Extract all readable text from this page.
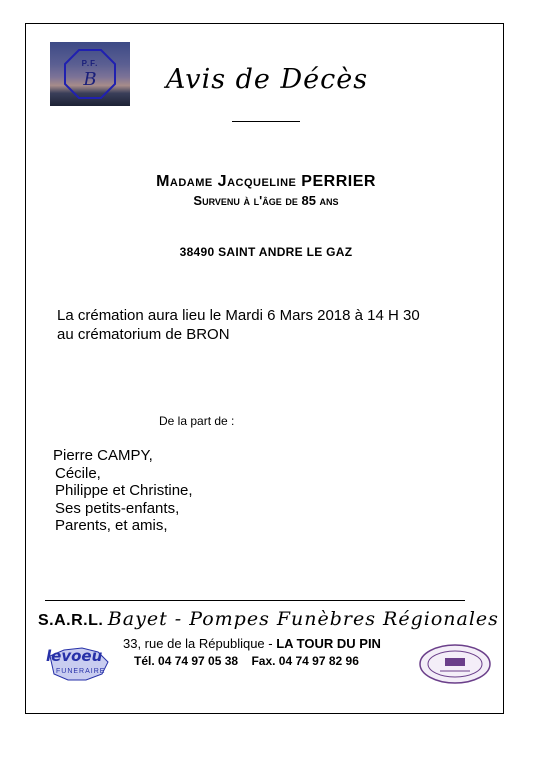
P.F.
B	Avis de Décès
Madame Jacqueline PERRIER
Survenu à l'âge de 85 ans
38490 SAINT ANDRE LE GAZ
La crémation aura lieu le Mardi 6 Mars 2018 à 14 H 30
au crématorium de BRON
De la part de :
Pierre CAMPY,
Cécile,
Philippe et Christine,
Ses petits-enfants,
Parents, et amis,
S.A.R.L. Bayet - Pompes Funèbres Régionales
33, rue de la République - LA TOUR DU PIN
Tél. 04 74 97 05 38 Fax. 04 74 97 82 96
levoeu
FUNERAIRE
